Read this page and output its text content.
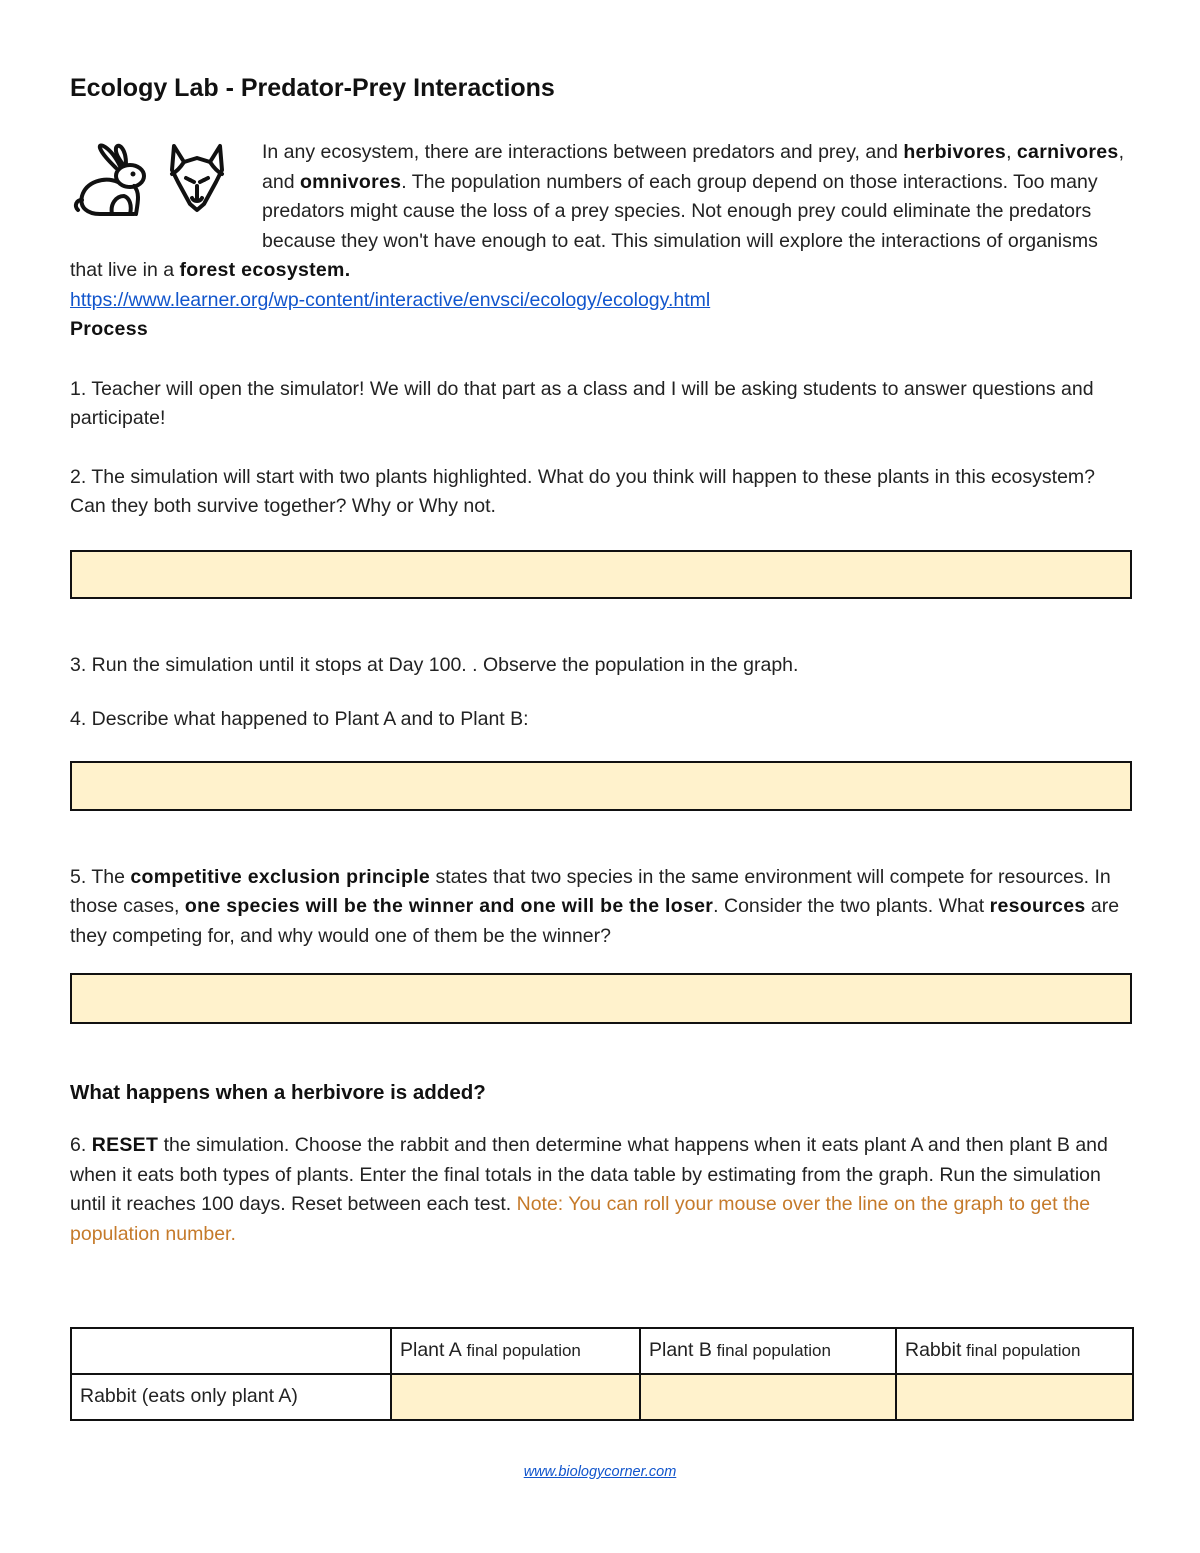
Ecology Lab - Predator-Prey Interactions

In any ecosystem, there are interactions between predators and prey, and herbivores, carnivores, and omnivores. The population numbers of each group depend on those interactions. Too many predators might cause the loss of a prey species. Not enough prey could eliminate the predators because they won't have enough to eat. This simulation will explore the interactions of organisms that live in a forest ecosystem.

https://www.learner.org/wp-content/interactive/envsci/ecology/ecology.html

Process

1. Teacher will open the simulator! We will do that part as a class and I will be asking students to answer questions and participate!

2. The simulation will start with two plants highlighted. What do you think will happen to these plants in this ecosystem? Can they both survive together? Why or Why not.

3. Run the simulation until it stops at Day 100. . Observe the population in the graph.

4. Describe what happened to Plant A and to Plant B:

5. The competitive exclusion principle states that two species in the same environment will compete for resources. In those cases, one species will be the winner and one will be the loser. Consider the two plants. What resources are they competing for, and why would one of them be the winner?

What happens when a herbivore is added?

6. RESET the simulation. Choose the rabbit and then determine what happens when it eats plant A and then plant B and when it eats both types of plants. Enter the final totals in the data table by estimating from the graph. Run the simulation until it reaches 100 days. Reset between each test. Note: You can roll your mouse over the line on the graph to get the population number.

	Plant A final population	Plant B final population	Rabbit final population
Rabbit (eats only plant A)			
www.biologycorner.com
